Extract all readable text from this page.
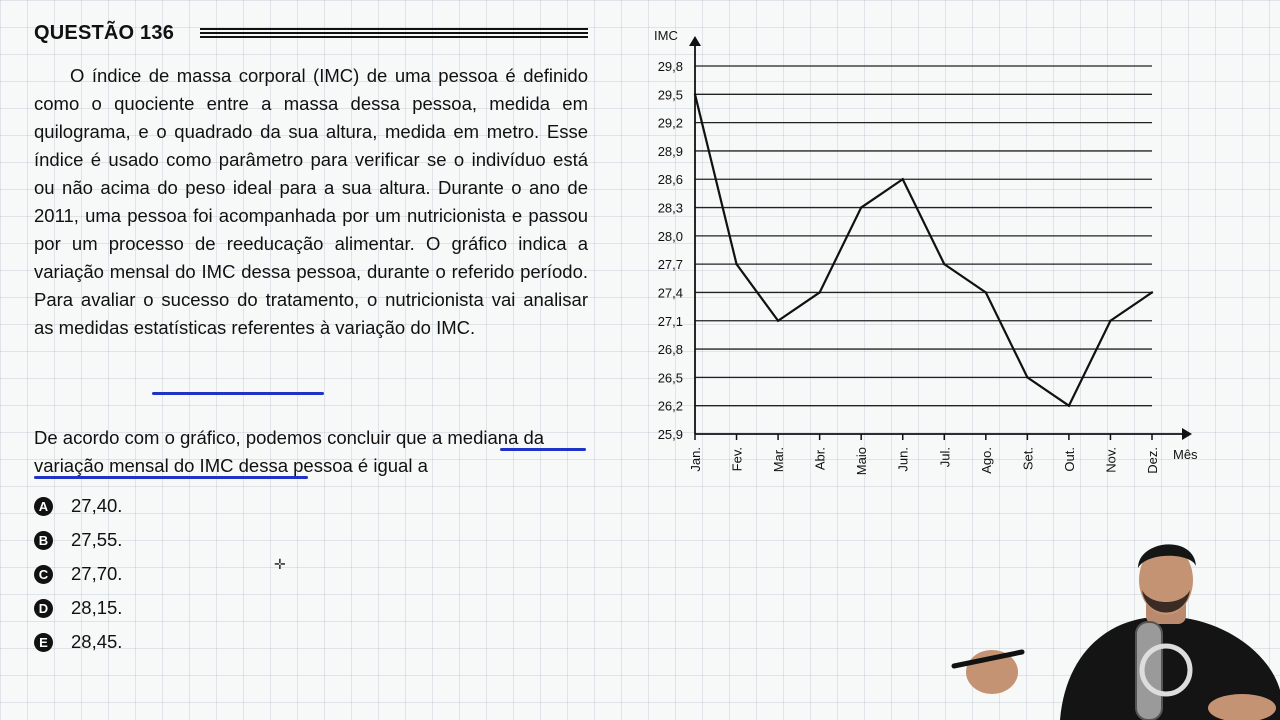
QUESTÃO 136

O índice de massa corporal (IMC) de uma pessoa é definido como o quociente entre a massa dessa pessoa, medida em quilograma, e o quadrado da sua altura, medida em metro. Esse índice é usado como parâmetro para verificar se o indivíduo está ou não acima do peso ideal para a sua altura. Durante o ano de 2011, uma pessoa foi acompanhada por um nutricionista e passou por um processo de reeducação alimentar. O gráfico indica a variação mensal do IMC dessa pessoa, durante o referido período. Para avaliar o sucesso do tratamento, o nutricionista vai analisar as medidas estatísticas referentes à variação do IMC.

De acordo com o gráfico, podemos concluir que a mediana da variação mensal do IMC dessa pessoa é igual a

A 27,40.
B 27,55.
C 27,70.
D 28,15.
E 28,45.
✛
25,9
26,2
26,5
26,8
27,1
27,4
27,7
28,0
28,3
28,6
28,9
29,2
29,5
29,8
IMC
Mês
Jan. Fev. Mar. Abr. Maio Jun. Jul. Ago. Set. Out. Nov. Dez.
